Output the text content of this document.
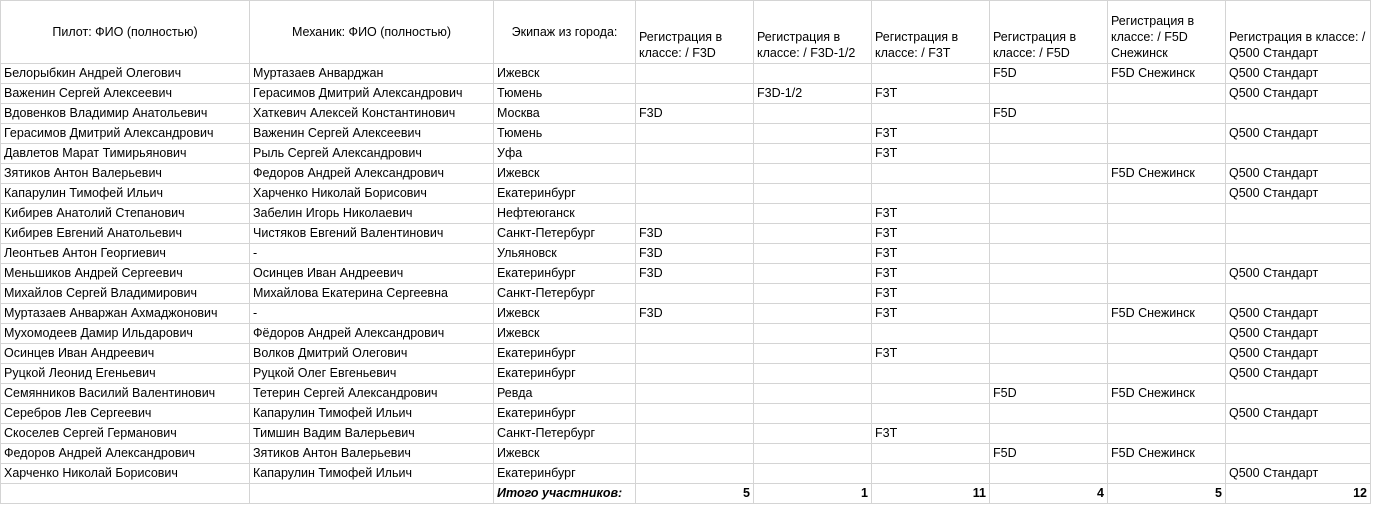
Пилот: ФИО (полностью)	Механик: ФИО (полностью)	Экипаж из города:	Регистрация в классе: / F3D	Регистрация в классе: / F3D-1/2	Регистрация в классе: / F3T	Регистрация в классе: / F5D	Регистрация в классе: / F5D Снежинск	Регистрация в классе: / Q500 Стандарт
Белорыбкин Андрей Олегович	Муртазаев Анварджан	Ижевск				F5D	F5D Снежинск	Q500 Стандарт
Важенин Сергей Алексеевич	Герасимов Дмитрий Александрович	Тюмень		F3D-1/2	F3T			Q500 Стандарт
Вдовенков Владимир Анатольевич	Хаткевич Алексей Константинович	Москва	F3D			F5D		
Герасимов Дмитрий Александрович	Важенин Сергей Алексеевич	Тюмень			F3T			Q500 Стандарт
Давлетов Марат Тимирьянович	Рыль Сергей Александрович	Уфа			F3T			
Зятиков Антон Валерьевич	Федоров Андрей Александрович	Ижевск					F5D Снежинск	Q500 Стандарт
Капарулин Тимофей Ильич	Харченко Николай Борисович	Екатеринбург						Q500 Стандарт
Кибирев Анатолий Степанович	Забелин Игорь Николаевич	Нефтеюганск			F3T			
Кибирев Евгений Анатольевич	Чистяков Евгений Валентинович	Санкт-Петербург	F3D		F3T			
Леонтьев Антон Георгиевич	-	Ульяновск	F3D		F3T			
Меньшиков Андрей Сергеевич	Осинцев Иван Андреевич	Екатеринбург	F3D		F3T			Q500 Стандарт
Михайлов Сергей Владимирович	Михайлова Екатерина Сергеевна	Санкт-Петербург			F3T			
Муртазаев Анваржан Ахмаджонович	-	Ижевск	F3D		F3T		F5D Снежинск	Q500 Стандарт
Мухомодеев Дамир Ильдарович	Фёдоров Андрей Александрович	Ижевск						Q500 Стандарт
Осинцев Иван Андреевич	Волков Дмитрий Олегович	Екатеринбург			F3T			Q500 Стандарт
Руцкой Леонид Егеньевич	Руцкой Олег Евгеньевич	Екатеринбург						Q500 Стандарт
Семянников Василий Валентинович	Тетерин Сергей Александрович	Ревда				F5D	F5D Снежинск	
Серебров Лев Сергеевич	Капарулин Тимофей Ильич	Екатеринбург						Q500 Стандарт
Скоселев Сергей Германович	Тимшин Вадим Валерьевич	Санкт-Петербург			F3T			
Федоров Андрей Александрович	Зятиков Антон Валерьевич	Ижевск				F5D	F5D Снежинск	
Харченко Николай Борисович	Капарулин Тимофей Ильич	Екатеринбург						Q500 Стандарт
		Итого участников:	5	1	11	4	5	12
